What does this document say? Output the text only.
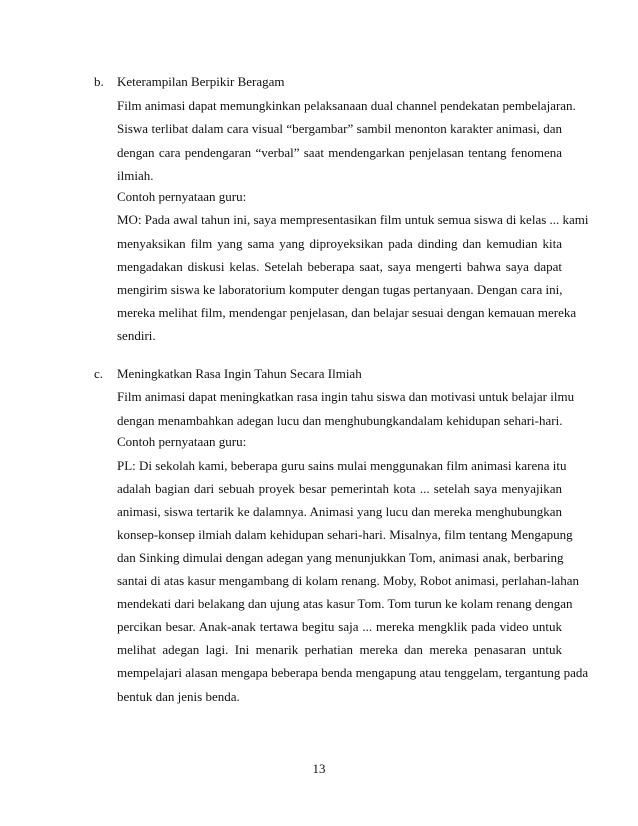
b. Keterampilan Berpikir Beragam
Film animasi dapat memungkinkan pelaksanaan dual channel pendekatan pembelajaran.
Siswa terlibat dalam cara visual “bergambar” sambil menonton karakter animasi, dan
dengan cara pendengaran “verbal” saat mendengarkan penjelasan tentang fenomena
ilmiah.
Contoh pernyataan guru:
MO: Pada awal tahun ini, saya mempresentasikan film untuk semua siswa di kelas ... kami
menyaksikan film yang sama yang diproyeksikan pada dinding dan kemudian kita
mengadakan diskusi kelas. Setelah beberapa saat, saya mengerti bahwa saya dapat
mengirim siswa ke laboratorium komputer dengan tugas pertanyaan. Dengan cara ini,
mereka melihat film, mendengar penjelasan, dan belajar sesuai dengan kemauan mereka
sendiri.
c. Meningkatkan Rasa Ingin Tahun Secara Ilmiah
Film animasi dapat meningkatkan rasa ingin tahu siswa dan motivasi untuk belajar ilmu
dengan menambahkan adegan lucu dan menghubungkandalam kehidupan sehari-hari.
Contoh pernyataan guru:
PL: Di sekolah kami, beberapa guru sains mulai menggunakan film animasi karena itu
adalah bagian dari sebuah proyek besar pemerintah kota ... setelah saya menyajikan
animasi, siswa tertarik ke dalamnya. Animasi yang lucu dan mereka menghubungkan
konsep-konsep ilmiah dalam kehidupan sehari-hari. Misalnya, film tentang Mengapung
dan Sinking dimulai dengan adegan yang menunjukkan Tom, animasi anak, berbaring
santai di atas kasur mengambang di kolam renang. Moby, Robot animasi, perlahan-lahan
mendekati dari belakang dan ujung atas kasur Tom. Tom turun ke kolam renang dengan
percikan besar. Anak-anak tertawa begitu saja ... mereka mengklik pada video untuk
melihat adegan lagi. Ini menarik perhatian mereka dan mereka penasaran untuk
mempelajari alasan mengapa beberapa benda mengapung atau tenggelam, tergantung pada
bentuk dan jenis benda.
13
